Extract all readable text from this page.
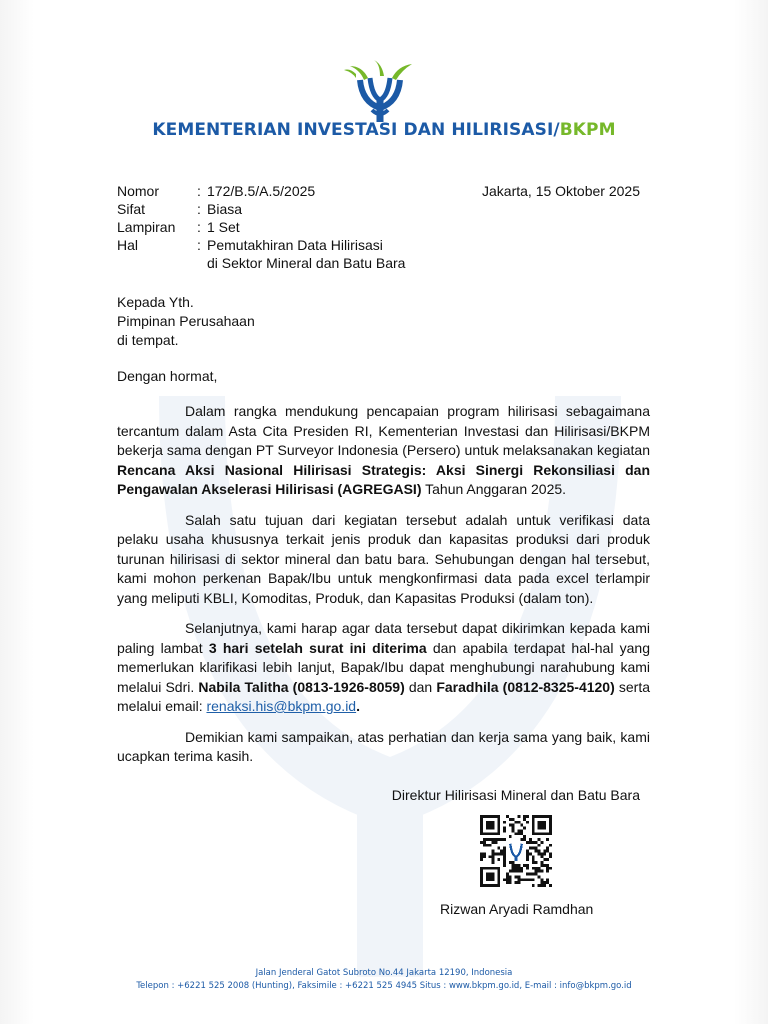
KEMENTERIAN INVESTASI DAN HILIRISASI/BKPM
Nomor	: 172/B.5/A.5/2025
Sifat	: Biasa
Lampiran	: 1 Set
Hal	: Pemutakhiran Data Hilirisasi
di Sektor Mineral dan Batu Bara
Jakarta, 15 Oktober 2025
Kepada Yth.
Pimpinan Perusahaan
di tempat.
Dengan hormat,

Dalam rangka mendukung pencapaian program hilirisasi sebagaimana tercantum dalam Asta Cita Presiden RI, Kementerian Investasi dan Hilirisasi/BKPM bekerja sama dengan PT Surveyor Indonesia (Persero) untuk melaksanakan kegiatan Rencana Aksi Nasional Hilirisasi Strategis: Aksi Sinergi Rekonsiliasi dan Pengawalan Akselerasi Hilirisasi (AGREGASI) Tahun Anggaran 2025.

Salah satu tujuan dari kegiatan tersebut adalah untuk verifikasi data pelaku usaha khususnya terkait jenis produk dan kapasitas produksi dari produk turunan hilirisasi di sektor mineral dan batu bara. Sehubungan dengan hal tersebut, kami mohon perkenan Bapak/Ibu untuk mengkonfirmasi data pada excel terlampir yang meliputi KBLI, Komoditas, Produk, dan Kapasitas Produksi (dalam ton).

Selanjutnya, kami harap agar data tersebut dapat dikirimkan kepada kami paling lambat 3 hari setelah surat ini diterima dan apabila terdapat hal-hal yang memerlukan klarifikasi lebih lanjut, Bapak/Ibu dapat menghubungi narahubung kami melalui Sdri. Nabila Talitha (0813-1926-8059) dan Faradhila (0812-8325-4120) serta melalui email: renaksi.his@bkpm.go.id.

Demikian kami sampaikan, atas perhatian dan kerja sama yang baik, kami ucapkan terima kasih.

Direktur Hilirisasi Mineral dan Batu Bara
Rizwan Aryadi Ramdhan
Jalan Jenderal Gatot Subroto No.44 Jakarta 12190, Indonesia
Telepon : +6221 525 2008 (Hunting), Faksimile : +6221 525 4945 Situs : www.bkpm.go.id, E-mail : info@bkpm.go.id
